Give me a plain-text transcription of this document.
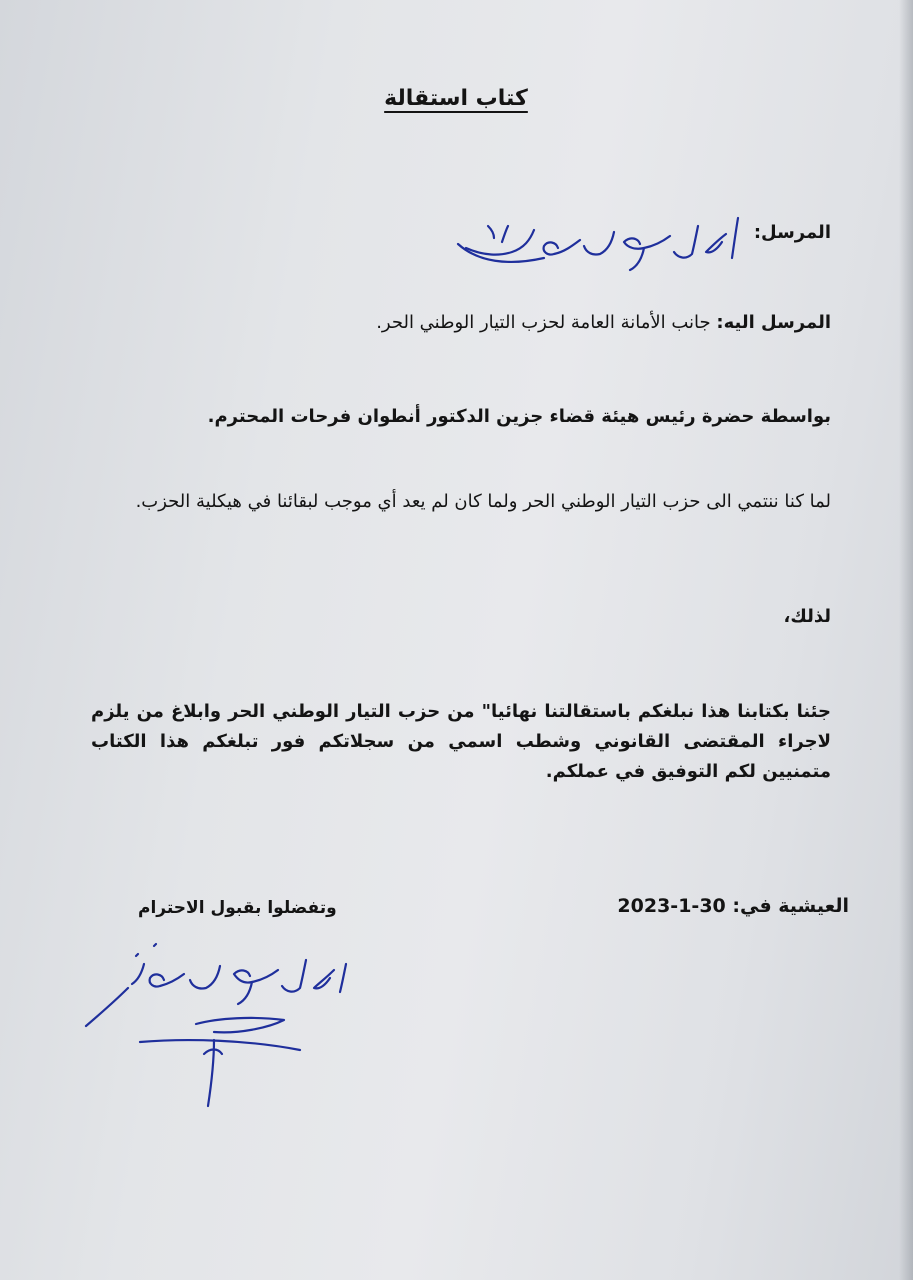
كتاب استقالة
المرسل:
المرسل اليه: جانب الأمانة العامة لحزب التيار الوطني الحر.
بواسطة حضرة رئيس هيئة قضاء جزين الدكتور أنطوان فرحات المحترم.
لما كنا ننتمي الى حزب التيار الوطني الحر ولما كان لم يعد أي موجب لبقائنا في هيكلية الحزب.
لذلك،
جئنا بكتابنا هذا نبلغكم باستقالتنا نهائيا" من حزب التيار الوطني الحر وابلاغ من يلزم لاجراء المقتضى القانوني وشطب اسمي من سجلاتكم فور تبلغكم هذا الكتاب متمنيين لكم التوفيق في عملكم.
العيشية في: 30-1-2023
وتفضلوا بقبول الاحترام
